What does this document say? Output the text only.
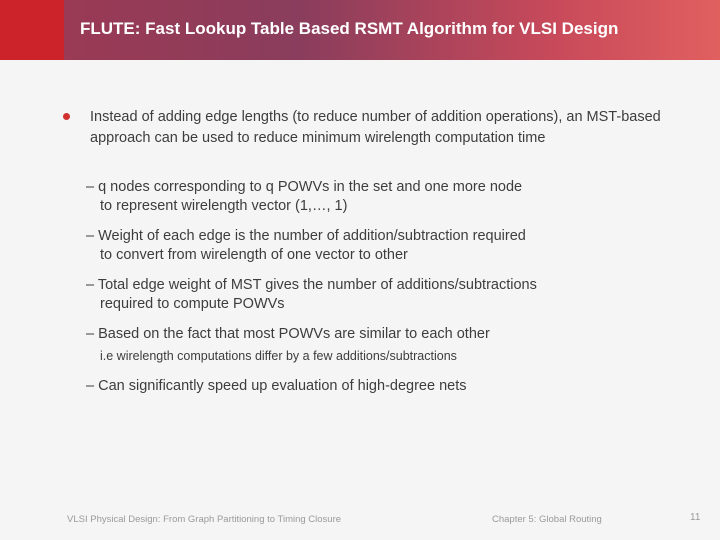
FLUTE: Fast Lookup Table Based RSMT Algorithm for VLSI Design
Instead of adding edge lengths (to reduce number of addition operations), an MST-based approach can be used to reduce minimum wirelength computation time
– q nodes corresponding to q POWVs in the set and one more node
to represent wirelength vector (1,…, 1)
– Weight of each edge is the number of addition/subtraction required
to convert from wirelength of one vector to other
– Total edge weight of MST gives the number of additions/subtractions
required to compute POWVs
– Based on the fact that most POWVs are similar to each other
i.e wirelength computations differ by a few additions/subtractions
– Can significantly speed up evaluation of high-degree nets
VLSI Physical Design: From Graph Partitioning to Timing Closure	Chapter 5: Global Routing	11
